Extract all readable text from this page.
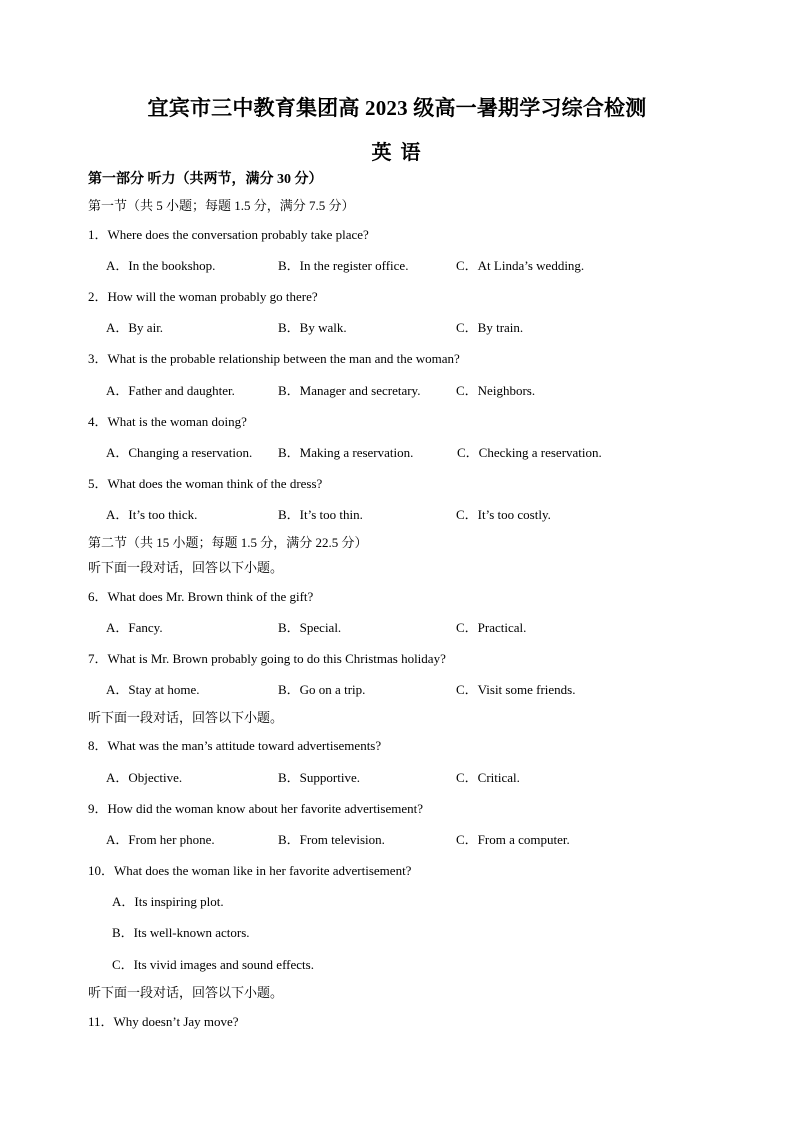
宜宾市三中教育集团高 2023 级高一暑期学习综合检测
英 语
第一部分 听力（共两节，满分 30 分）
第一节（共 5 小题；每题 1.5 分，满分 7.5 分）
1．Where does the conversation probably take place?
A．In the bookshop.	B．In the register office.	C．At Linda’s wedding.
2．How will the woman probably go there?
A．By air.	B．By walk.	C．By train.
3．What is the probable relationship between the man and the woman?
A．Father and daughter.	B．Manager and secretary.	C．Neighbors.
4．What is the woman doing?
A．Changing a reservation. B．Making a reservation.	C．Checking a reservation.
5．What does the woman think of the dress?
A．It’s too thick.	B．It’s too thin.	C．It’s too costly.
第二节（共 15 小题；每题 1.5 分，满分 22.5 分）
听下面一段对话，回答以下小题。
6．What does Mr. Brown think of the gift?
A．Fancy.	B．Special.	C．Practical.
7．What is Mr. Brown probably going to do this Christmas holiday?
A．Stay at home.	B．Go on a trip.	C．Visit some friends.
听下面一段对话，回答以下小题。
8．What was the man’s attitude toward advertisements?
A．Objective.	B．Supportive.	C．Critical.
9．How did the woman know about her favorite advertisement?
A．From her phone.	B．From television.	C．From a computer.
10．What does the woman like in her favorite advertisement?
A．Its inspiring plot.
B．Its well-known actors.
C．Its vivid images and sound effects.
听下面一段对话，回答以下小题。
11．Why doesn’t Jay move?
